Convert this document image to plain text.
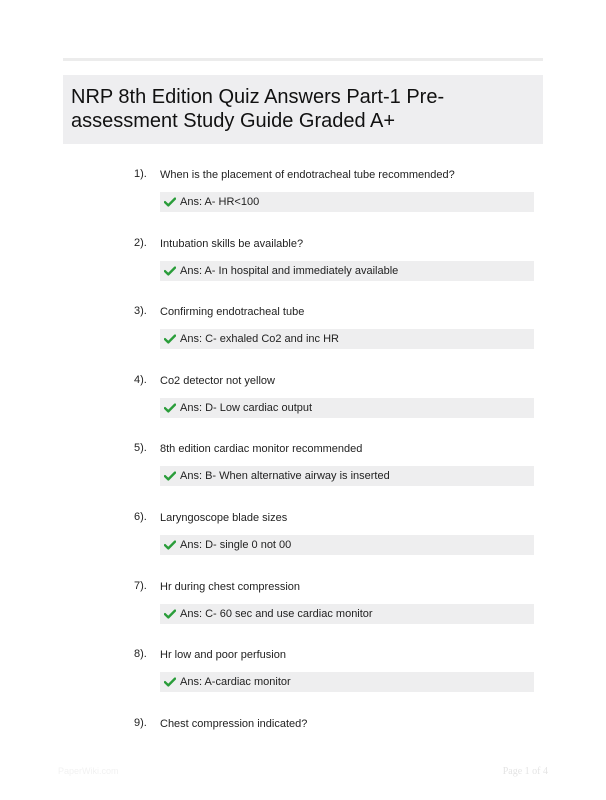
NRP 8th Edition Quiz Answers Part-1 Pre-assessment Study Guide Graded A+
1). When is the placement of endotracheal tube recommended?
Ans: A- HR<100
2). Intubation skills be available?
Ans: A- In hospital and immediately available
3). Confirming endotracheal tube
Ans: C- exhaled Co2 and inc HR
4). Co2 detector not yellow
Ans: D- Low cardiac output
5). 8th edition cardiac monitor recommended
Ans: B- When alternative airway is inserted
6). Laryngoscope blade sizes
Ans: D- single 0 not 00
7). Hr during chest compression
Ans: C- 60 sec and use cardiac monitor
8). Hr low and poor perfusion
Ans: A-cardiac monitor
9). Chest compression indicated?
PaperWiki.com	Page 1 of 4
